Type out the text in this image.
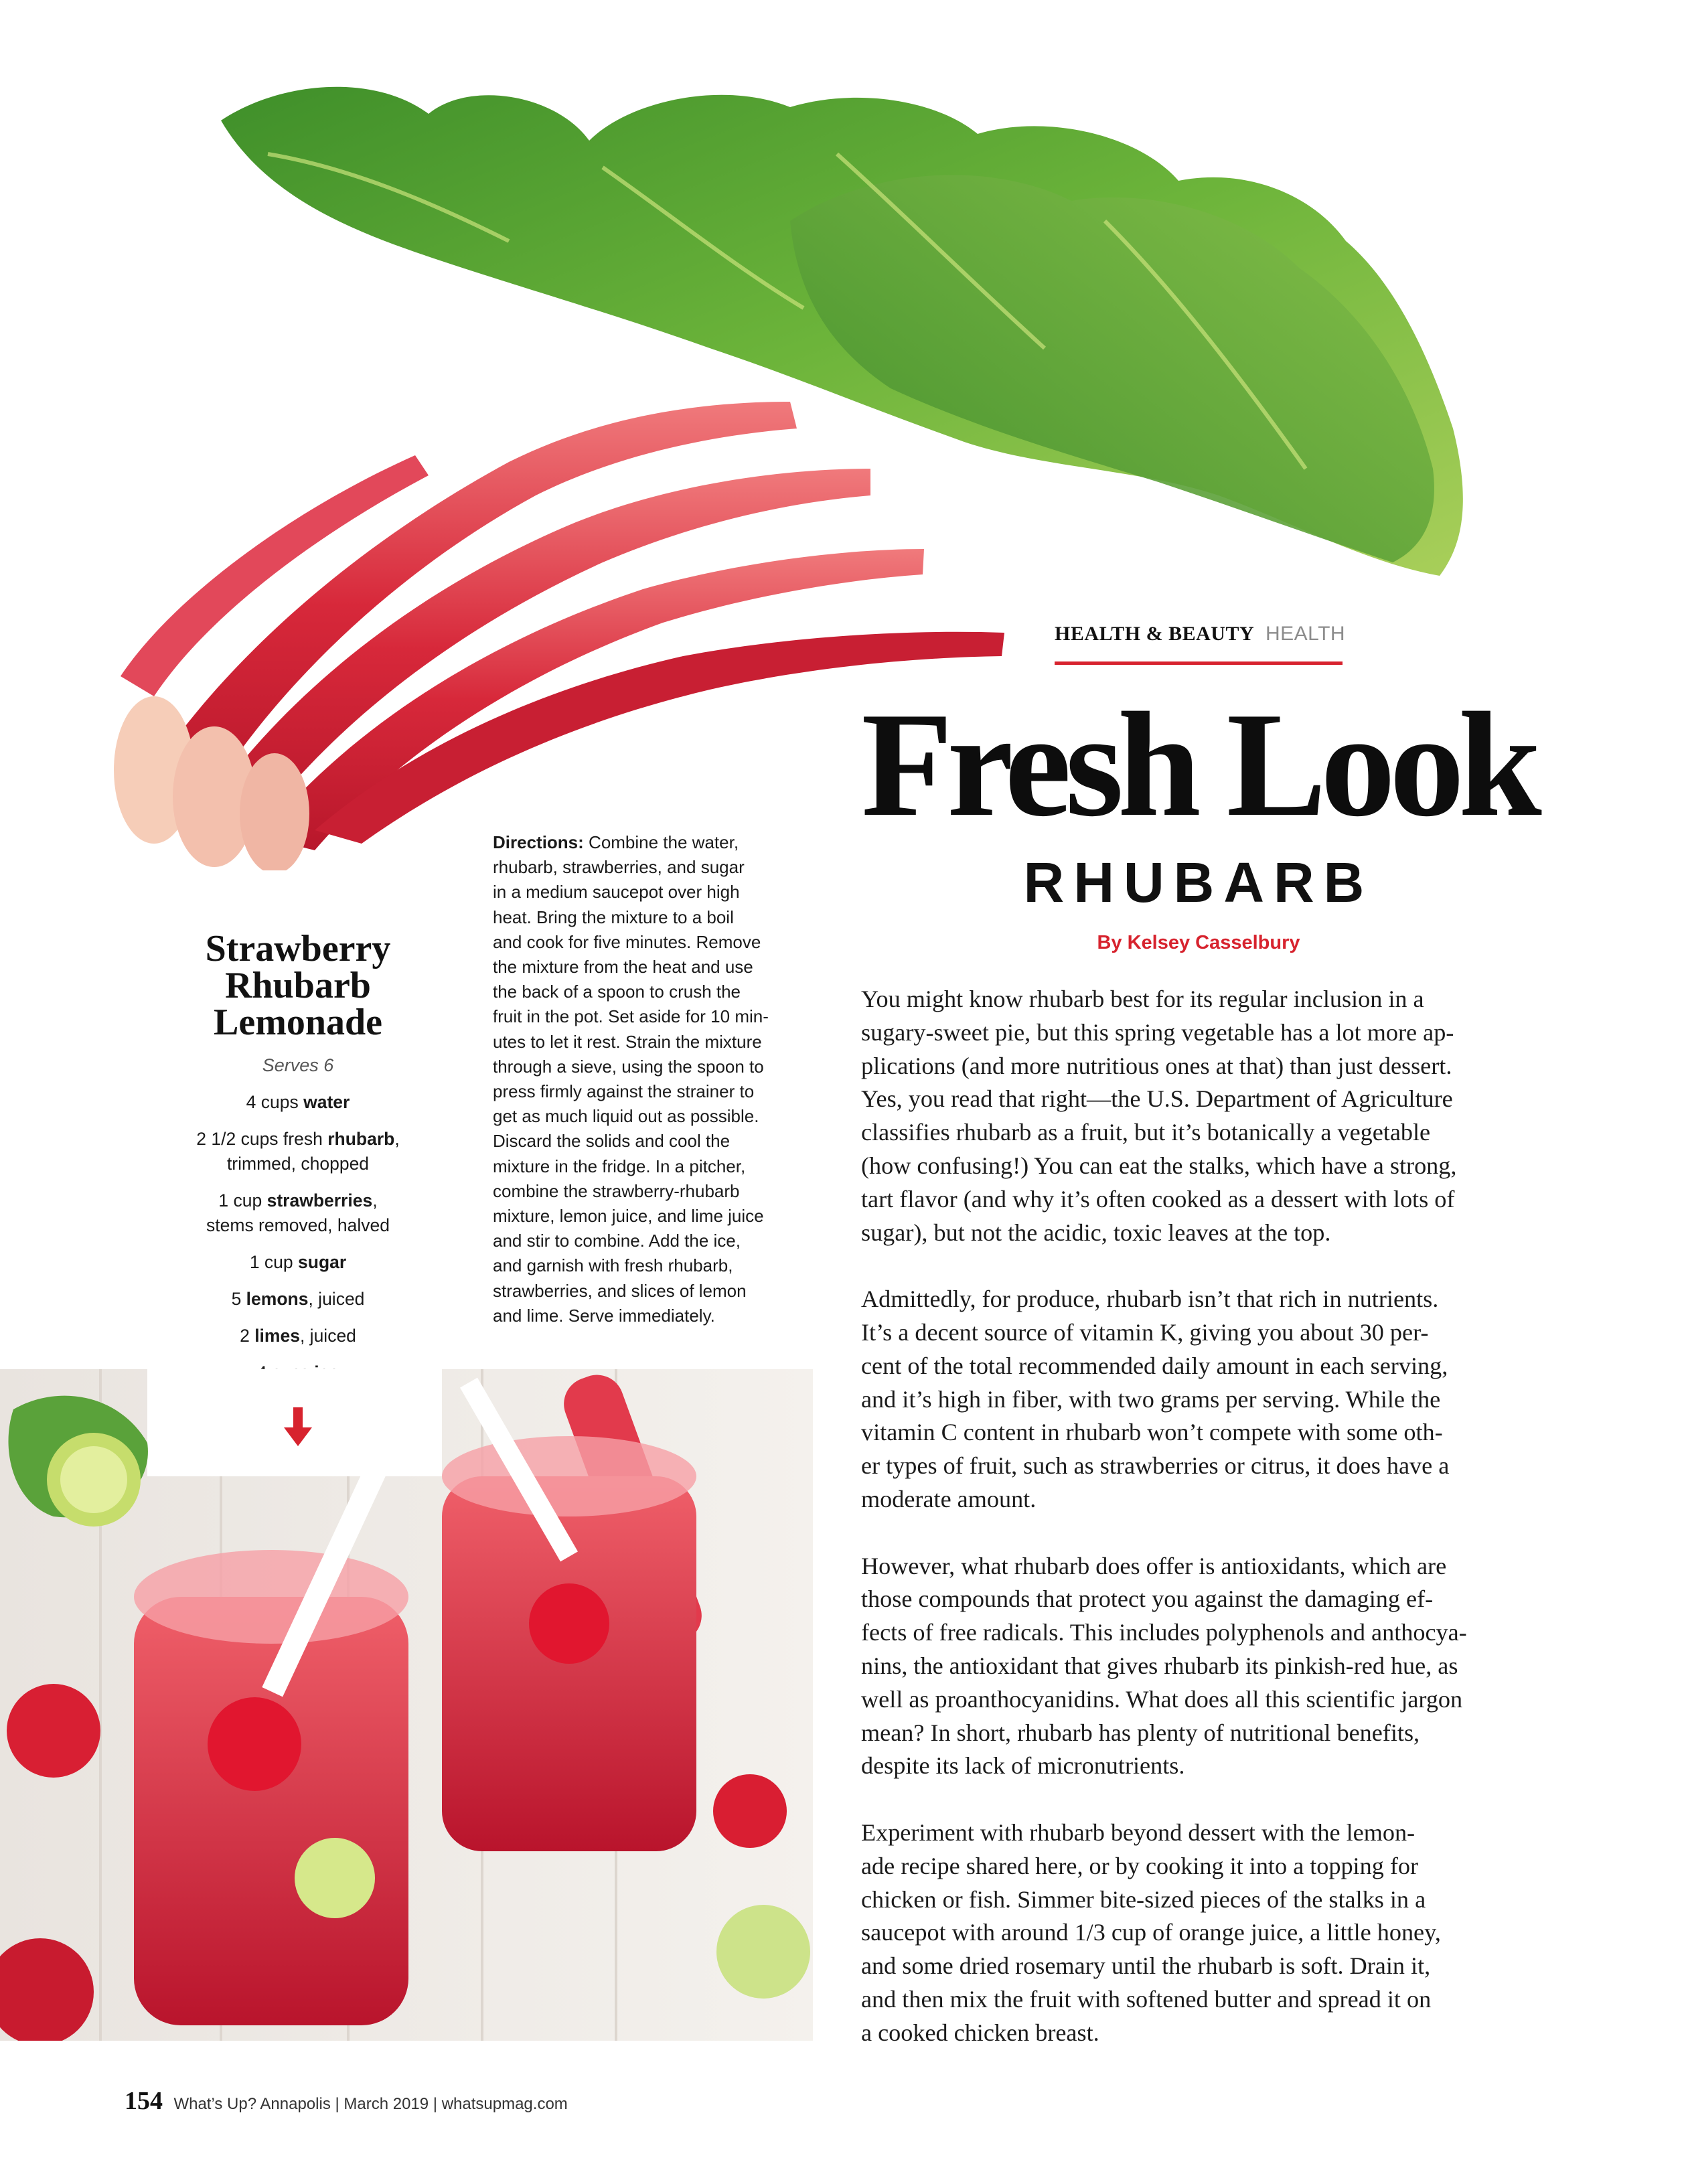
HEALTH & BEAUTY HEALTH
Fresh Look
RHUBARB
By Kelsey Casselbury

You might know rhubarb best for its regular inclusion in a
sugary-sweet pie, but this spring vegetable has a lot more ap-
plications (and more nutritious ones at that) than just dessert.
Yes, you read that right—the U.S. Department of Agriculture
classifies rhubarb as a fruit, but it’s botanically a vegetable
(how confusing!) You can eat the stalks, which have a strong,
tart flavor (and why it’s often cooked as a dessert with lots of
sugar), but not the acidic, toxic leaves at the top.

Admittedly, for produce, rhubarb isn’t that rich in nutrients.
It’s a decent source of vitamin K, giving you about 30 per-
cent of the total recommended daily amount in each serving,
and it’s high in fiber, with two grams per serving. While the
vitamin C content in rhubarb won’t compete with some oth-
er types of fruit, such as strawberries or citrus, it does have a
moderate amount.

However, what rhubarb does offer is antioxidants, which are
those compounds that protect you against the damaging ef-
fects of free radicals. This includes polyphenols and anthocya-
nins, the antioxidant that gives rhubarb its pinkish-red hue, as
well as proanthocyanidins. What does all this scientific jargon
mean? In short, rhubarb has plenty of nutritional benefits,
despite its lack of micronutrients.

Experiment with rhubarb beyond dessert with the lemon-
ade recipe shared here, or by cooking it into a topping for
chicken or fish. Simmer bite-sized pieces of the stalks in a
saucepot with around 1/3 cup of orange juice, a little honey,
and some dried rosemary until the rhubarb is soft. Drain it,
and then mix the fruit with softened butter and spread it on
a cooked chicken breast.

Strawberry
Rhubarb
Lemonade
Serves 6
4 cups water
2 1/2 cups fresh rhubarb,
trimmed, chopped
1 cup strawberries,
stems removed, halved
1 cup sugar
5 lemons, juiced
2 limes, juiced
Directions: Combine the water,
rhubarb, strawberries, and sugar
in a medium saucepot over high
heat. Bring the mixture to a boil
and cook for five minutes. Remove
the mixture from the heat and use
the back of a spoon to crush the
fruit in the pot. Set aside for 10 min-
utes to let it rest. Strain the mixture
through a sieve, using the spoon to
press firmly against the strainer to
get as much liquid out as possible.
Discard the solids and cool the
mixture in the fridge. In a pitcher,
combine the strawberry-rhubarb
mixture, lemon juice, and lime juice
and stir to combine. Add the ice,
and garnish with fresh rhubarb,
strawberries, and slices of lemon
and lime. Serve immediately.
154 What’s Up? Annapolis | March 2019 | whatsupmag.com
